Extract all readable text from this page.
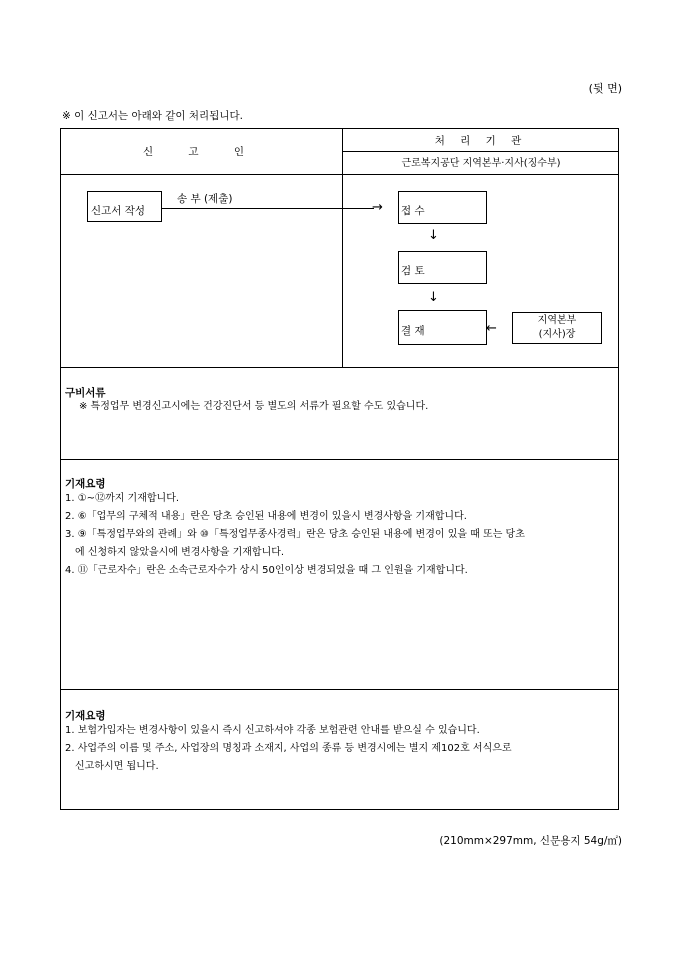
(뒷 면)
※ 이 신고서는 아래와 같이 처리됩니다.
신 고 인
처 리 기 관
근로복지공단 지역본부·지사(징수부)
신고서 작성
송 부 (제출)
→ 접 수
↓
검 토
↓
결 재	←
지역본부
(지사)장
구비서류
※ 특정업무 변경신고시에는 건강진단서 등 별도의 서류가 필요할 수도 있습니다.
기재요령
1. ①~⑫까지 기재합니다.
2. ⑥「업무의 구체적 내용」란은 당초 승인된 내용에 변경이 있을시 변경사항을 기재합니다.
3. ⑨「특정업무와의 관례」와 ⑩「특정업무종사경력」란은 당초 승인된 내용에 변경이 있을 때 또는 당초
에 신청하지 않았을시에 변경사항을 기재합니다.
4. ⑪「근로자수」란은 소속근로자수가 상시 50인이상 변경되었을 때 그 인원을 기재합니다.
기재요령
1. 보험가입자는 변경사항이 있을시 즉시 신고하셔야 각종 보험관련 안내를 받으실 수 있습니다.
2. 사업주의 이름 및 주소, 사업장의 명칭과 소재지, 사업의 종류 등 변경시에는 별지 제102호 서식으로
신고하시면 됩니다.
(210mm×297mm, 신문용지 54g/㎡)
